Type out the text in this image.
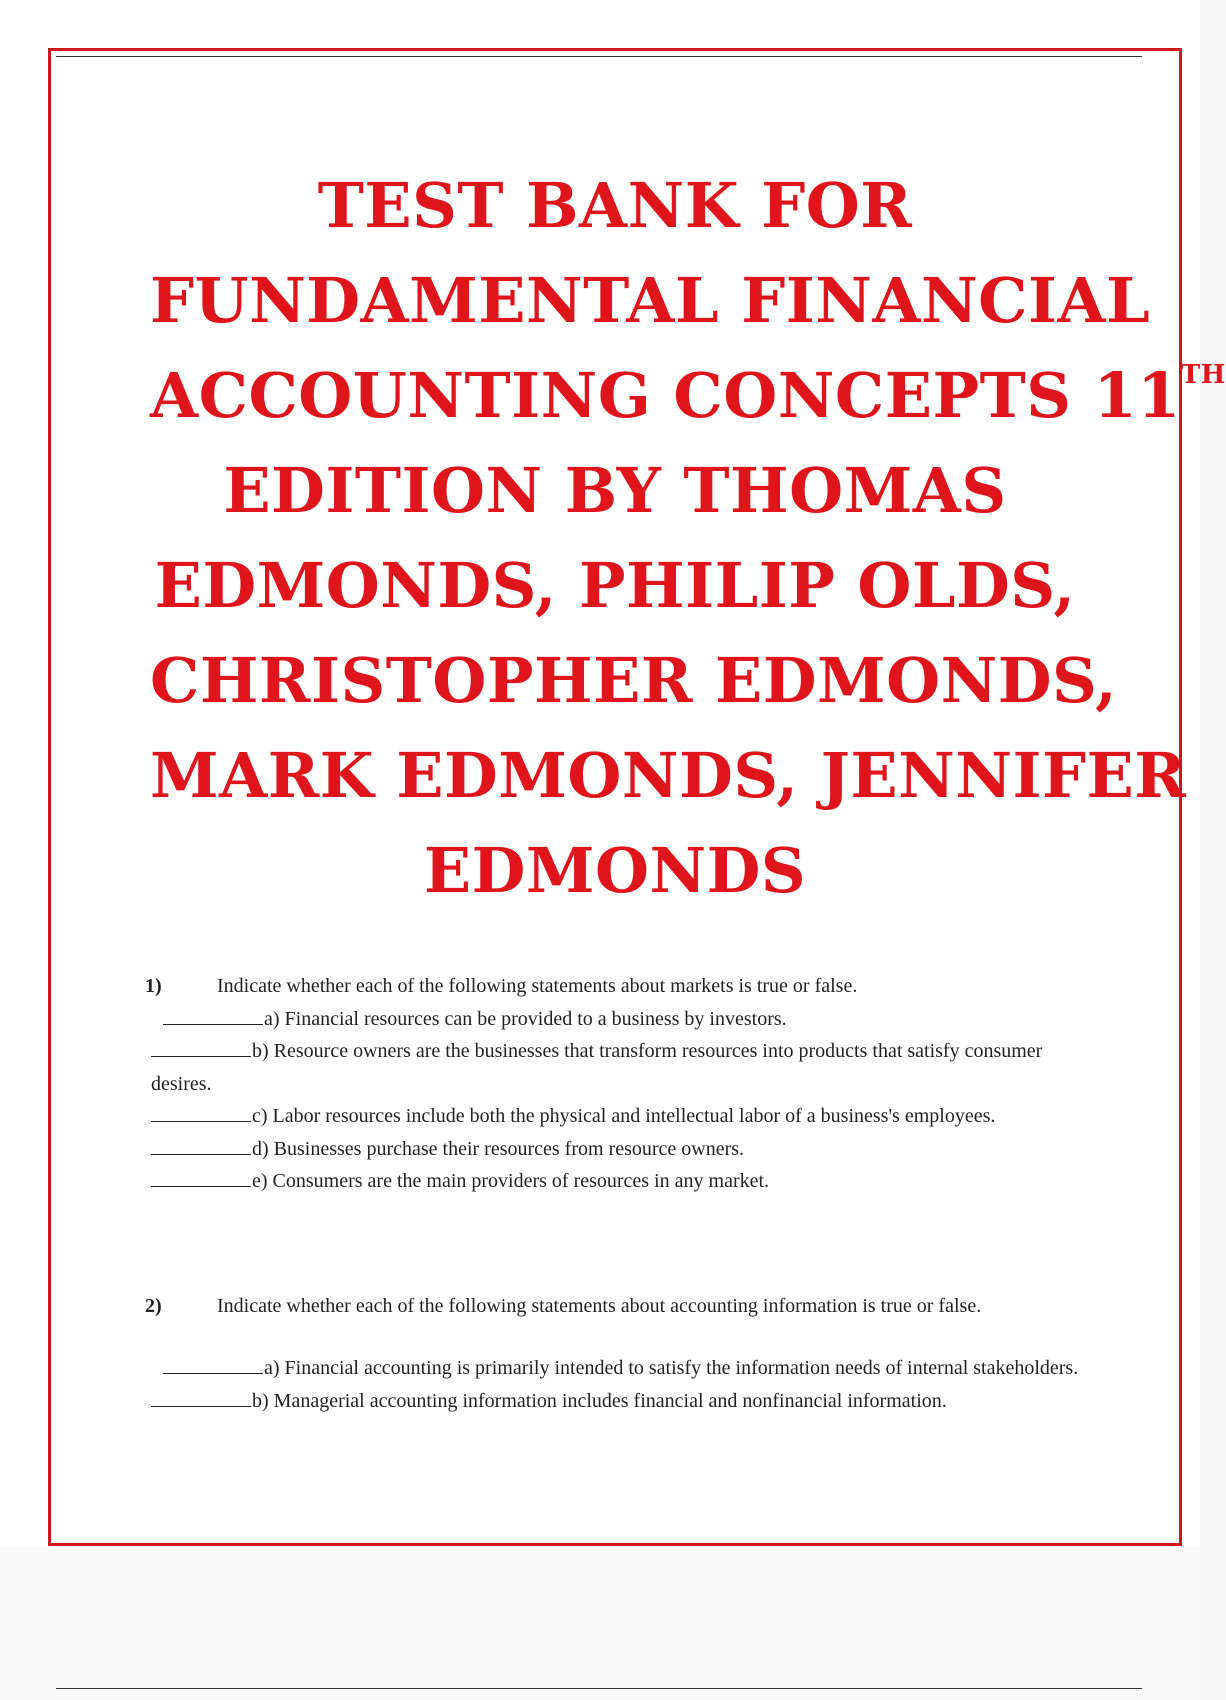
TEST BANK FOR
FUNDAMENTAL FINANCIAL
ACCOUNTING CONCEPTS 11TH
EDITION BY THOMAS
EDMONDS, PHILIP OLDS,
CHRISTOPHER EDMONDS,
MARK EDMONDS, JENNIFER
EDMONDS
1)	Indicate whether each of the following statements about markets is true or false.
a) Financial resources can be provided to a business by investors.
b) Resource owners are the businesses that transform resources into products that satisfy consumer desires.
c) Labor resources include both the physical and intellectual labor of a business's employees.
d) Businesses purchase their resources from resource owners.
e) Consumers are the main providers of resources in any market.
2)	Indicate whether each of the following statements about accounting information is true or false.
a) Financial accounting is primarily intended to satisfy the information needs of internal stakeholders.
b) Managerial accounting information includes financial and nonfinancial information.
